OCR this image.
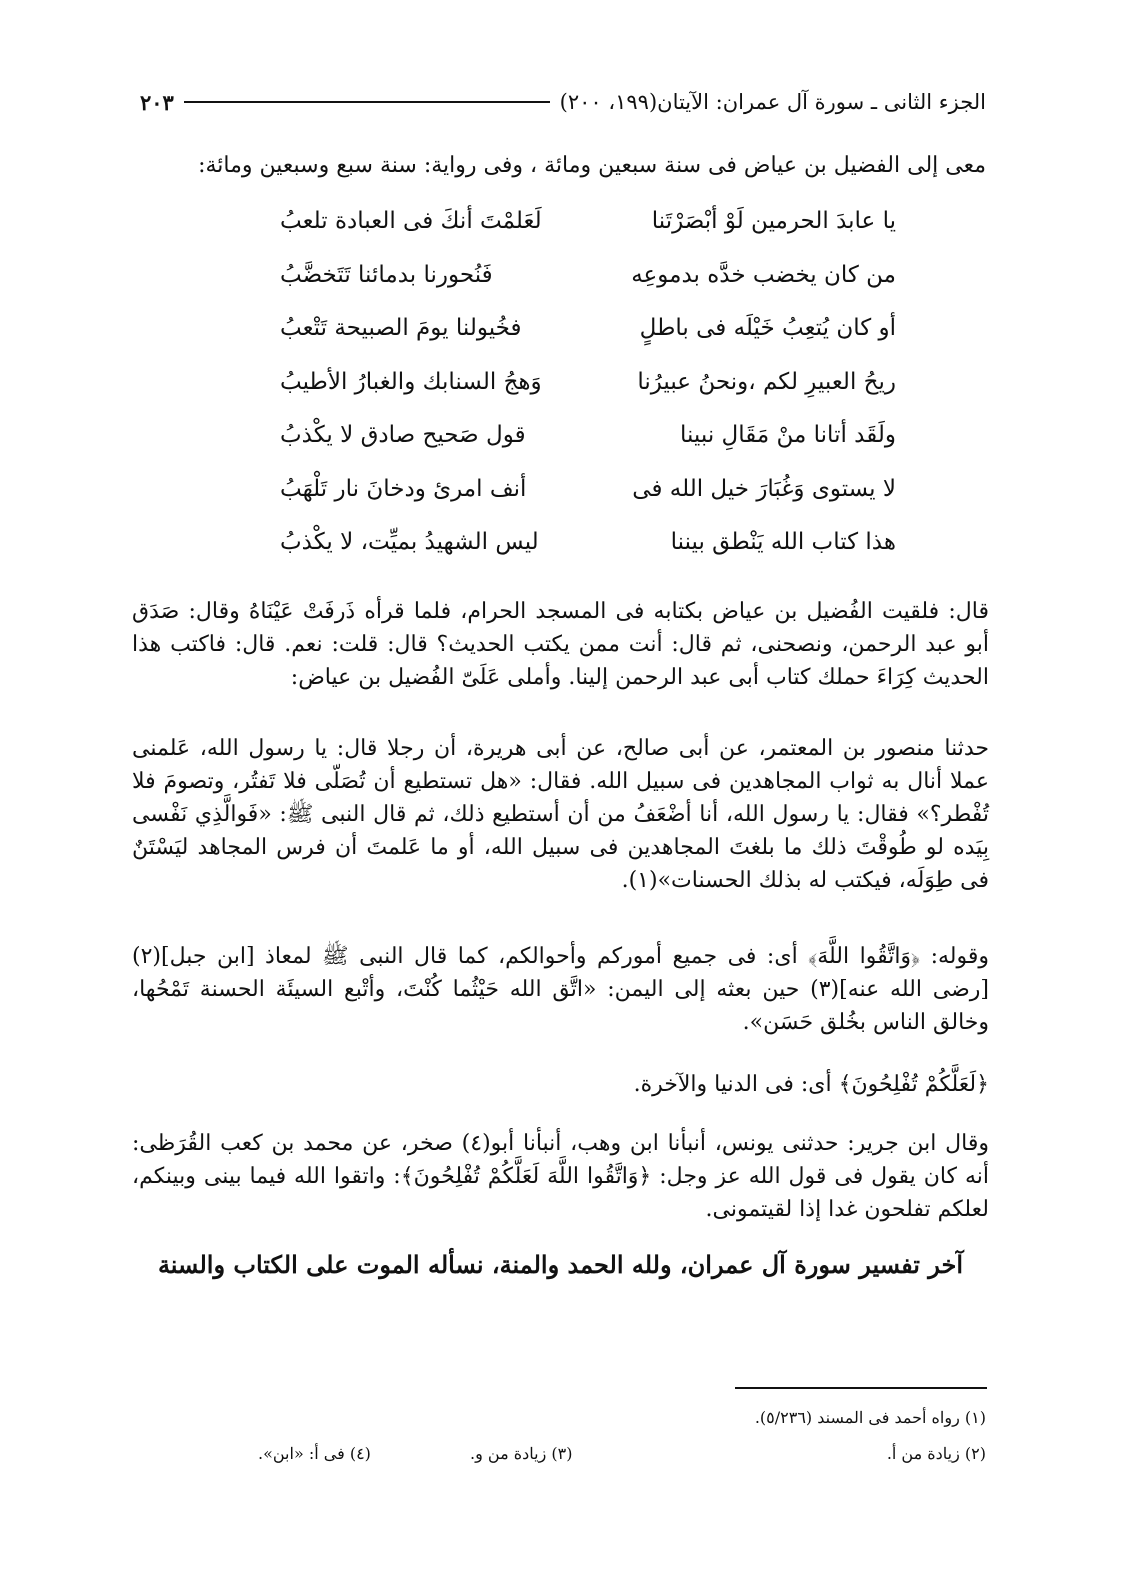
الجزء الثانى ـ سورة آل عمران: الآيتان(١٩٩، ٢٠٠)
٢٠٣
معى إلى الفضيل بن عياض فى سنة سبعين ومائة ، وفى رواية: سنة سبع وسبعين ومائة:
يا عابدَ الحرمين لَوْ أبْصَرْتَنا
لَعَلمْتَ أنكَ فى العبادة تلعبُ
من كان يخضب خدَّه بدموعِه
فَنُحورنا بدمائنا تَتَخضَّبُ
أو كان يُتعِبُ خَيْلَه فى باطلٍ
فخُيولنا يومَ الصبيحة تَتْعبُ
ريحُ العبيرِ لكم ،ونحنُ عبيرُنا
وَهجُ السنابك والغبارُ الأطيبُ
ولَقَد أتانا منْ مَقَالِ نبينا
قول صَحيح صادق لا يكْذبُ
لا يستوى وَغُبَارَ خيل الله فى
أنف امرئ ودخانَ نار تَلْهَبُ
هذا كتاب الله يَنْطق بيننا
ليس الشهيدُ بميِّت، لا يكْذبُ
قال: فلقيت الفُضيل بن عياض بكتابه فى المسجد الحرام، فلما قرأه ذَرفَتْ عَيْنَاهُ وقال: صَدَق أبو عبد الرحمن، ونصحنى، ثم قال: أنت ممن يكتب الحديث؟ قال: قلت: نعم. قال: فاكتب هذا الحديث كِرَاءَ حملك كتاب أبى عبد الرحمن إلينا. وأملى عَلَىّ الفُضيل بن عياض:
حدثنا منصور بن المعتمر، عن أبى صالح، عن أبى هريرة، أن رجلا قال: يا رسول الله، عَلمنى عملا أنال به ثواب المجاهدين فى سبيل الله. فقال: «هل تستطيع أن تُصَلّى فلا تَفتُر، وتصومَ فلا تُفْطر؟» فقال: يا رسول الله، أنا أضْعَفُ من أن أستطيع ذلك، ثم قال النبى ﷺ: «فَوالَّذِي نَفْسى بِيَده لو طُوقْتَ ذلك ما بلغتَ المجاهدين فى سبيل الله، أو ما عَلمتَ أن فرس المجاهد ليَسْتَنٌ فى طِوَلَه، فيكتب له بذلك الحسنات»(١).
وقوله: ﴿وَاتَّقُوا اللَّهَ﴾ أى: فى جميع أموركم وأحوالكم، كما قال النبى ﷺ لمعاذ [ابن جبل](٢) [رضى الله عنه](٣) حين بعثه إلى اليمن: «اتَّق الله حَيْثُما كُنْتَ، وأتْبع السيئَة الحسنة تَمْحُها، وخالق الناس بخُلق حَسَن».
﴿لَعَلَّكُمْ تُفْلِحُونَ﴾ أى: فى الدنيا والآخرة.
وقال ابن جرير: حدثنى يونس، أنبأنا ابن وهب، أنبأنا أبو(٤) صخر، عن محمد بن كعب القُرَظى: أنه كان يقول فى قول الله عز وجل: ﴿وَاتَّقُوا اللَّهَ لَعَلَّكُمْ تُفْلِحُونَ﴾: واتقوا الله فيما بينى وبينكم، لعلكم تفلحون غدا إذا لقيتمونى.
آخر تفسير سورة آل عمران، ولله الحمد والمنة، نسأله الموت على الكتاب والسنة
(١) رواه أحمد فى المسند (٥/٢٣٦).
(٢) زيادة من أ.
(٣) زيادة من و.
(٤) فى أ: «ابن».
